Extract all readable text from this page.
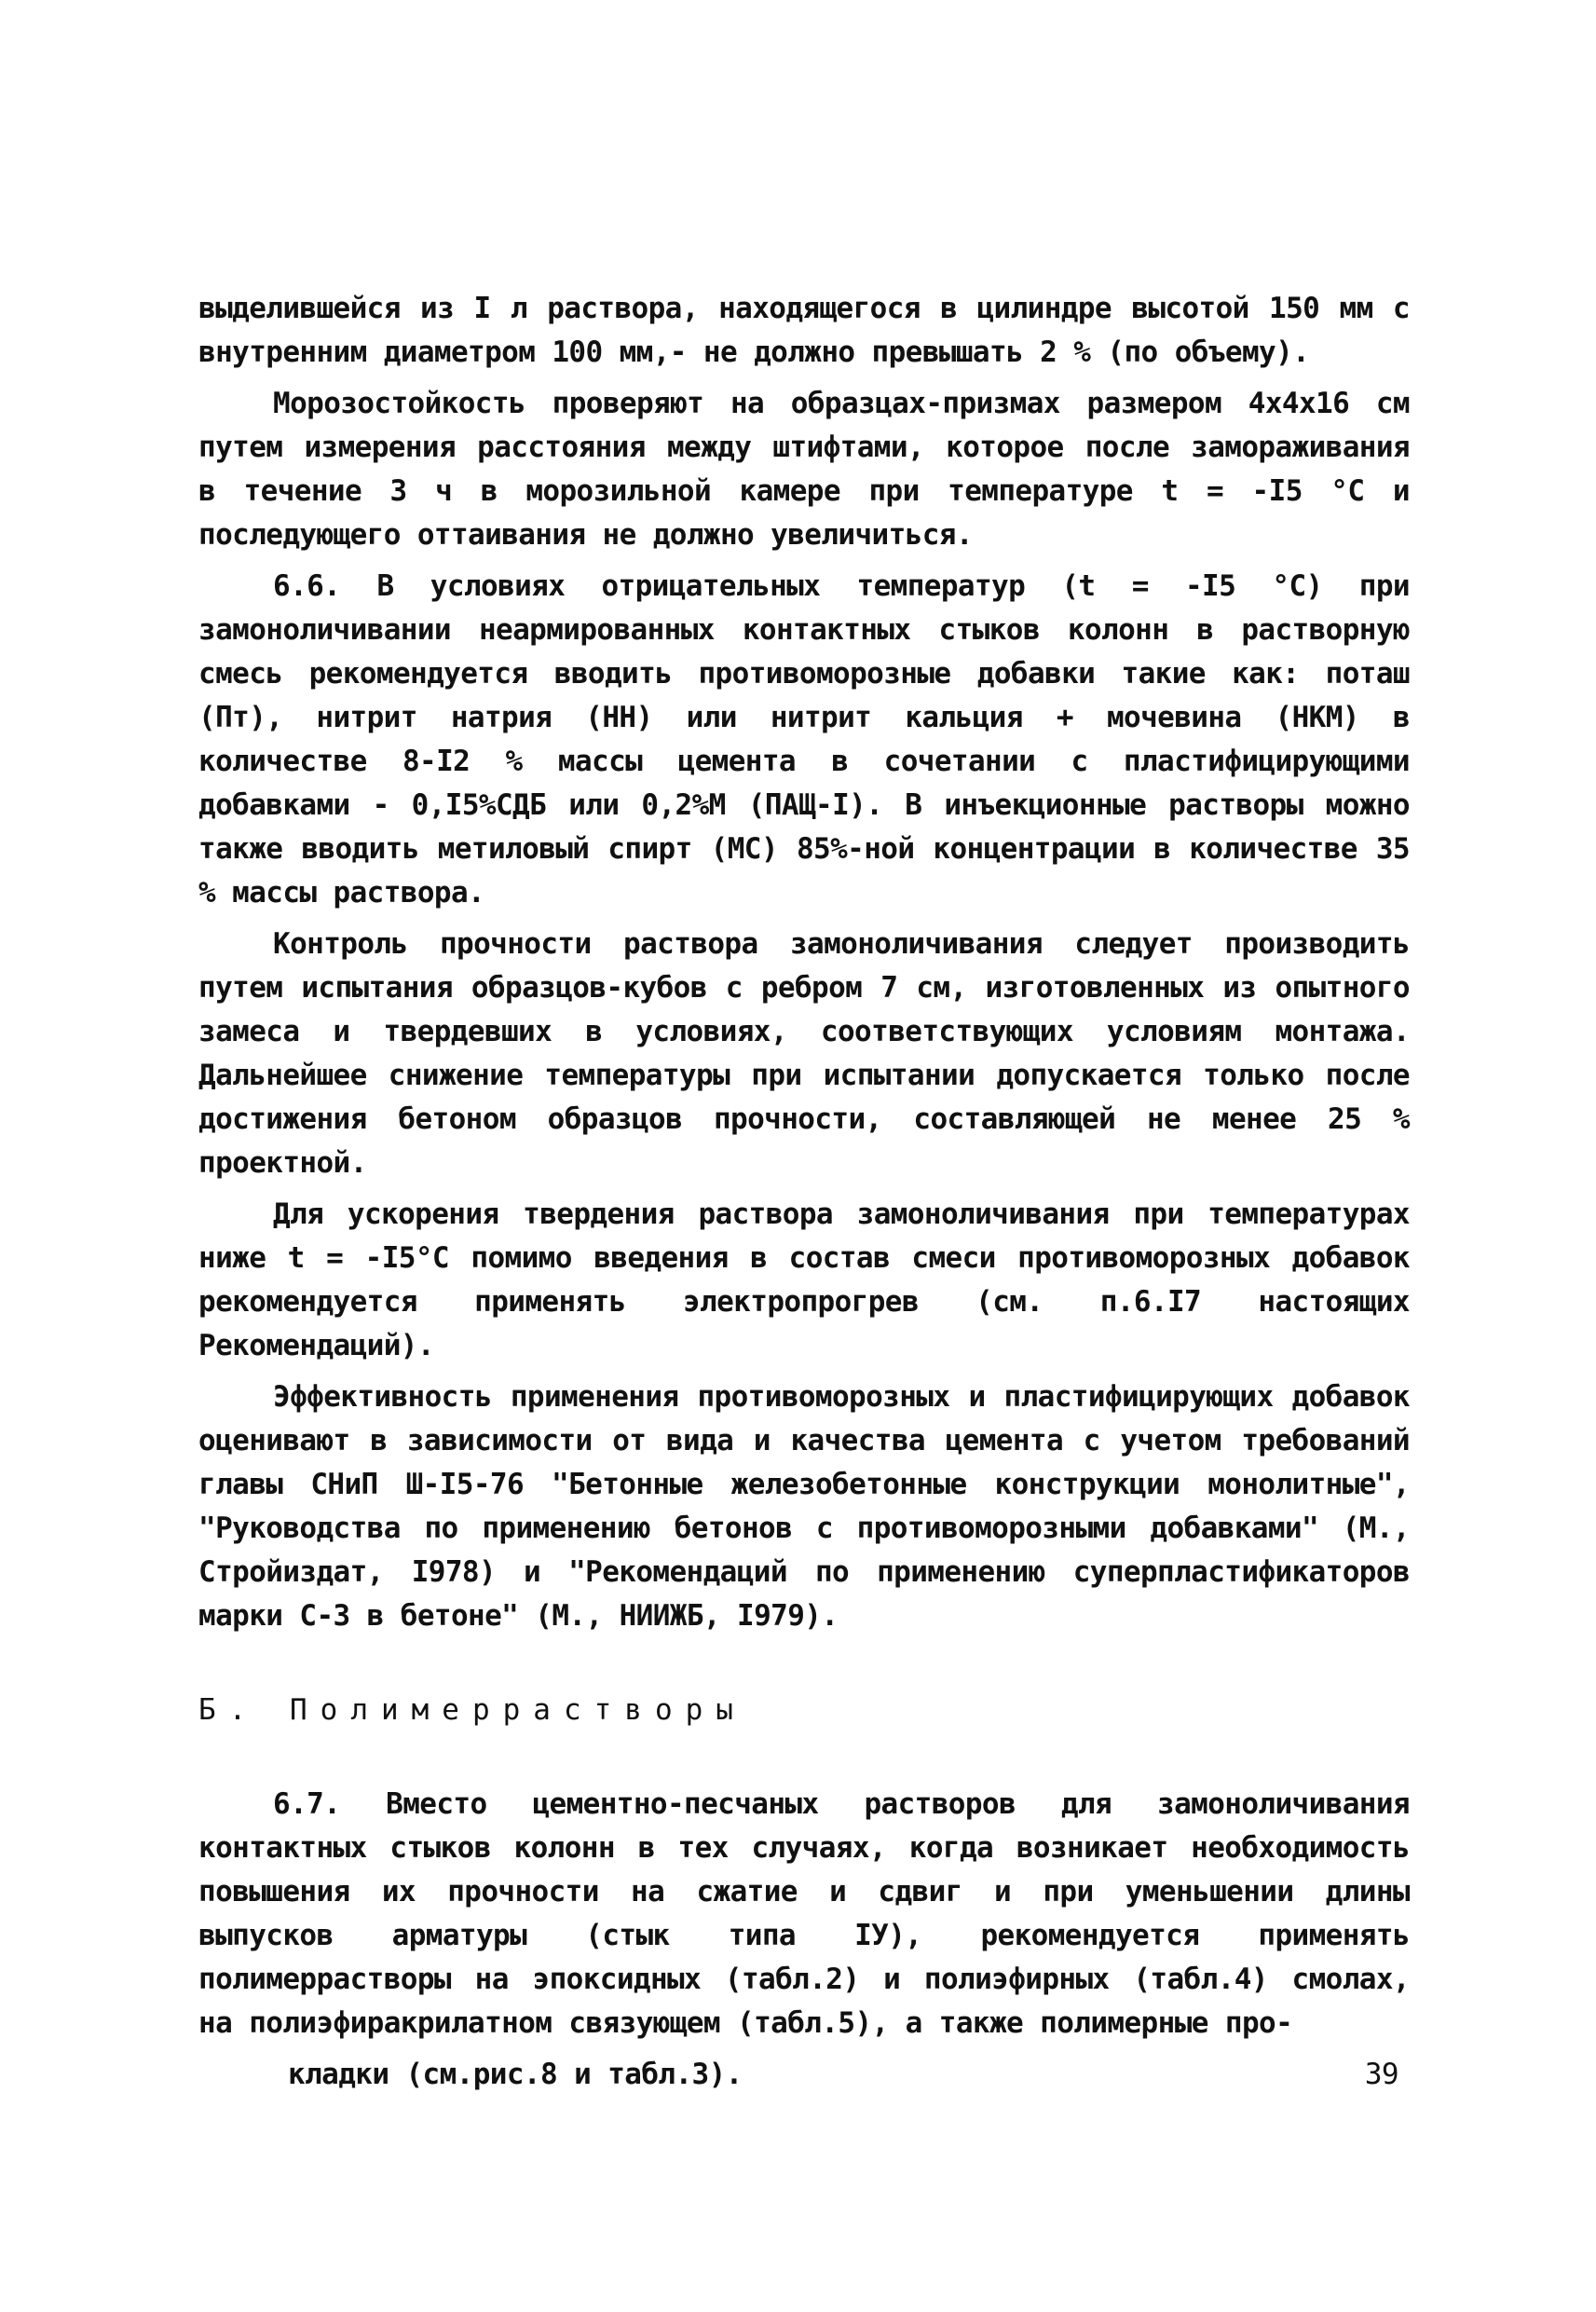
выделившейся из I л раствора, находящегося в цилиндре высотой 150 мм с внутренним диаметром 100 мм,- не должно превышать 2 % (по объему).

Морозостойкость проверяют на образцах-призмах размером 4х4х16 см путем измерения расстояния между штифтами, которое после замораживания в течение 3 ч в морозильной камере при температуре t = -I5 °С и последующего оттаивания не должно увеличиться.

6.6. В условиях отрицательных температур (t = -I5 °С) при замоноличивании неармированных контактных стыков колонн в растворную смесь рекомендуется вводить противоморозные добавки такие как: поташ (Пт), нитрит натрия (НН) или нитрит кальция + мочевина (НКМ) в количестве 8-I2 % массы цемента в сочетании с пластифицирующими добавками - 0,I5%СДБ или 0,2%М (ПАЩ-I). В инъекционные растворы можно также вводить метиловый спирт (МС) 85%-ной концентрации в количестве 35 % массы раствора.

Контроль прочности раствора замоноличивания следует производить путем испытания образцов-кубов с ребром 7 см, изготовленных из опытного замеса и твердевших в условиях, соответствующих условиям монтажа. Дальнейшее снижение температуры при испытании допускается только после достижения бетоном образцов прочности, составляющей не менее 25 % проектной.

Для ускорения твердения раствора замоноличивания при температурах ниже t = -I5°С помимо введения в состав смеси противоморозных добавок рекомендуется применять электропрогрев (см. п.6.I7 настоящих Рекомендаций).

Эффективность применения противоморозных и пластифицирующих добавок оценивают в зависимости от вида и качества цемента с учетом требований главы СНиП Ш-I5-76 "Бетонные железобетонные конструкции монолитные", "Руководства по применению бетонов с противоморозными добавками" (М., Стройиздат, I978) и "Рекомендаций по применению суперпластификаторов марки С-3 в бетоне" (М., НИИЖБ, I979).

Б. Полимеррастворы

6.7. Вместо цементно-песчаных растворов для замоноличивания контактных стыков колонн в тех случаях, когда возникает необходимость повышения их прочности на сжатие и сдвиг и при уменьшении длины выпусков арматуры (стык типа IУ), рекомендуется применять полимеррастворы на эпоксидных (табл.2) и полиэфирных (табл.4) смолах, на полиэфиракрилатном связующем (табл.5), а также полимерные про-

кладки (см.рис.8 и табл.3).	39
